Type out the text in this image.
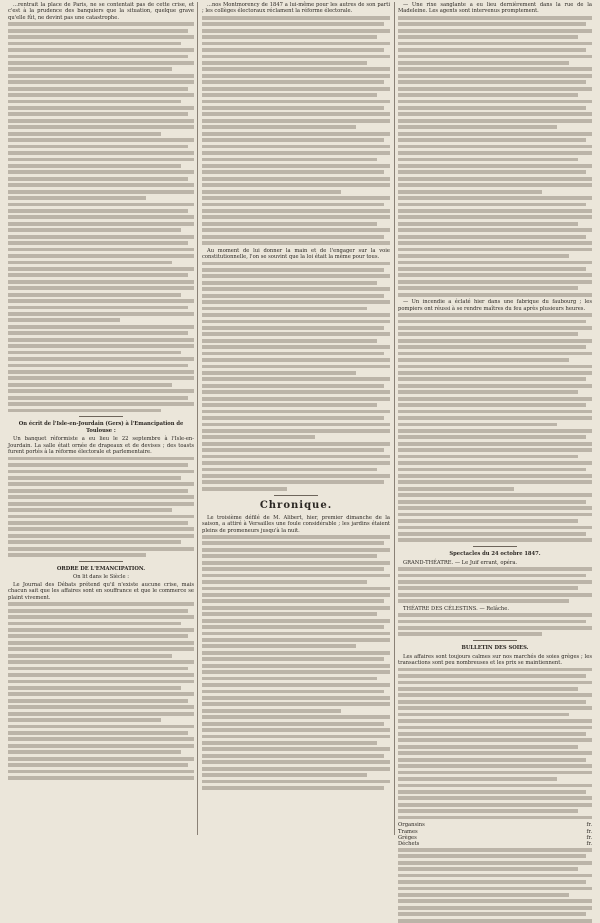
...rentrait la place de Paris, ne se contentait pas de cette crise, et c'est à la prudence des banquiers que la situation, quelque grave qu'elle fût, ne devint pas une catastrophe.

On écrit de l'Isle-en-Jourdain (Gers) à l'Emancipation de Toulouse :

Un banquet réformiste a eu lieu le 22 septembre à l'Isle-en-Jourdain. La salle était ornée de drapeaux et de devises ; des toasts furent portés à la réforme électorale et parlementaire.

ORDRE DE L'EMANCIPATION.

On lit dans le Siècle :

Le Journal des Débats prétend qu'il n'existe aucune crise, mais chacun sait que les affaires sont en souffrance et que le commerce se plaint vivement.

...nos Montmorency de 1847 a lui-même pour les autres de son parti ; les collèges électoraux réclament la réforme électorale.

Au moment de lui donner la main et de l'engager sur la voie constitutionnelle, l'on se souvint que la loi était la même pour tous.

Chronique.

Le troisième défilé de M. Alibert, hier, premier dimanche de la saison, a attiré à Versailles une foule considérable ; les jardins étaient pleins de promeneurs jusqu'à la nuit.

— Une rixe sanglante a eu lieu dernièrement dans la rue de la Madeleine. Les agents sont intervenus promptement.

— Un incendie a éclaté hier dans une fabrique du faubourg ; les pompiers ont réussi à se rendre maîtres du feu après plusieurs heures.

Spectacles du 24 octobre 1847.

GRAND-THÉATRE. — Le Juif errant, opéra.

THÉATRE DES CÉLESTINS. — Relâche.

BULLETIN DES SOIES.

Les affaires sont toujours calmes sur nos marchés de soies grèges ; les transactions sont peu nombreuses et les prix se maintiennent.

Organsins	fr.
Trames	fr.
Grèges	fr.
Déchets	fr.
